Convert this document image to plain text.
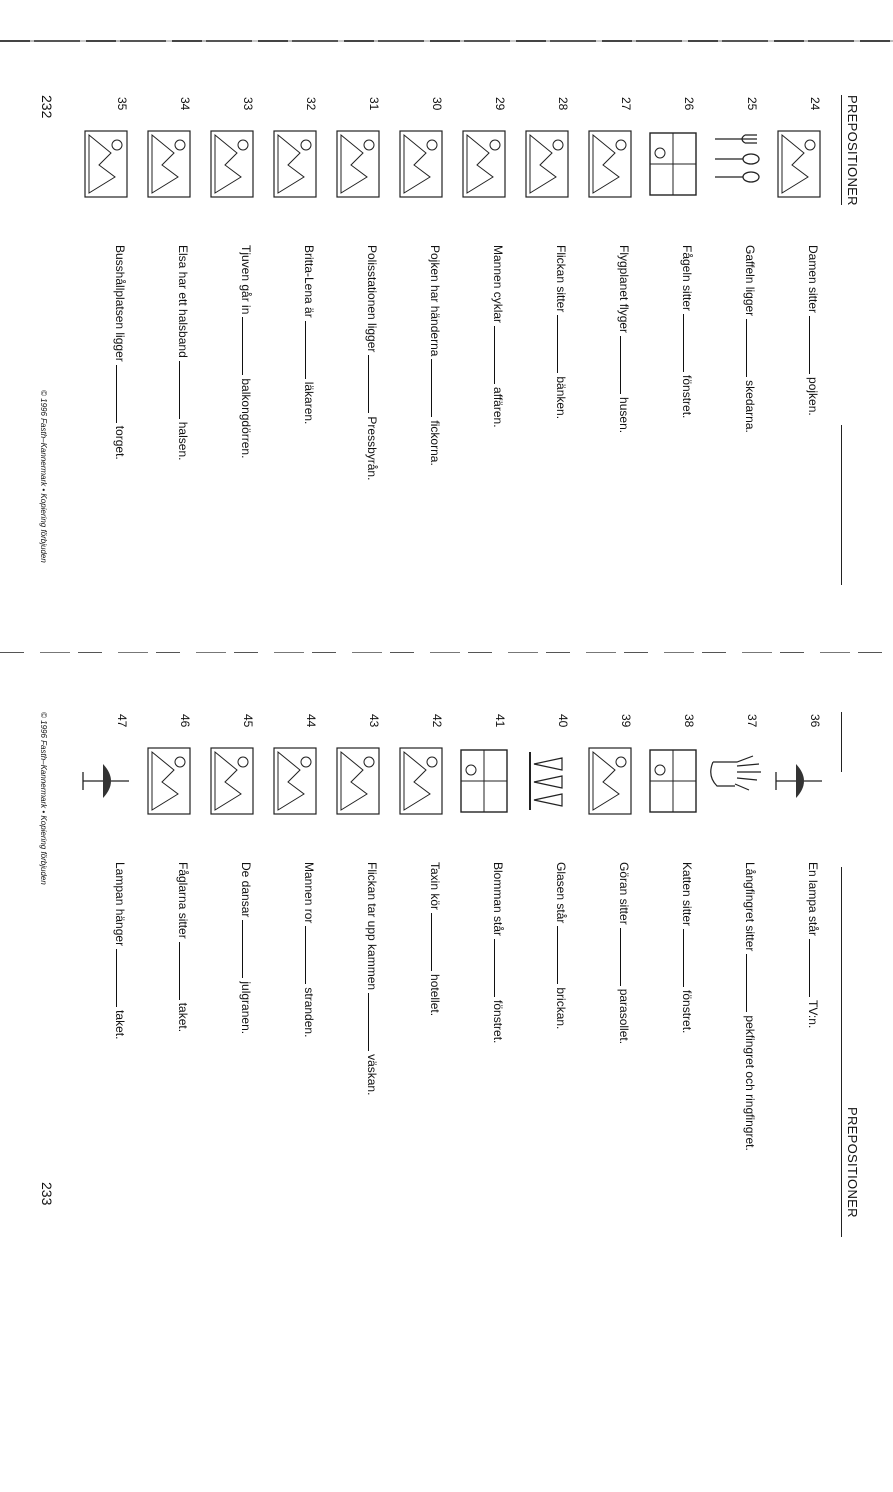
PREPOSITIONER
24
Damen sitterpojken.
25
Gaffeln liggerskedarna.
26
Fågeln sitterfönstret.
27
Flygplanet flygerhusen.
28
Flickan sitterbänken.
29
Mannen cyklaraffären.
30
Pojken har händernafickorna.
31
Polisstationen liggerPressbyrån.
32
Britta-Lena ärläkaren.
33
Tjuven går inbalkongdörren.
34
Elsa har ett halsbandhalsen.
35
Busshållplatsen liggertorget.
© 1996 Fasth–Kannermark • Kopiering förbjuden
232
PREPOSITIONER
36
En lampa stårTV:n.
37
Långfingret sitterpekfingret och ringfingret.
38
Katten sitterfönstret.
39
Göran sitterparasollet.
40
Glasen stårbrickan.
41
Blomman stårfönstret.
42
Taxin körhotellet.
43
Flickan tar upp kammenväskan.
44
Mannen rorstranden.
45
De dansarjulgranen.
46
Fåglarna sittertaket.
47
Lampan hängertaket.
© 1996 Fasth–Kannermark • Kopiering förbjuden
233
